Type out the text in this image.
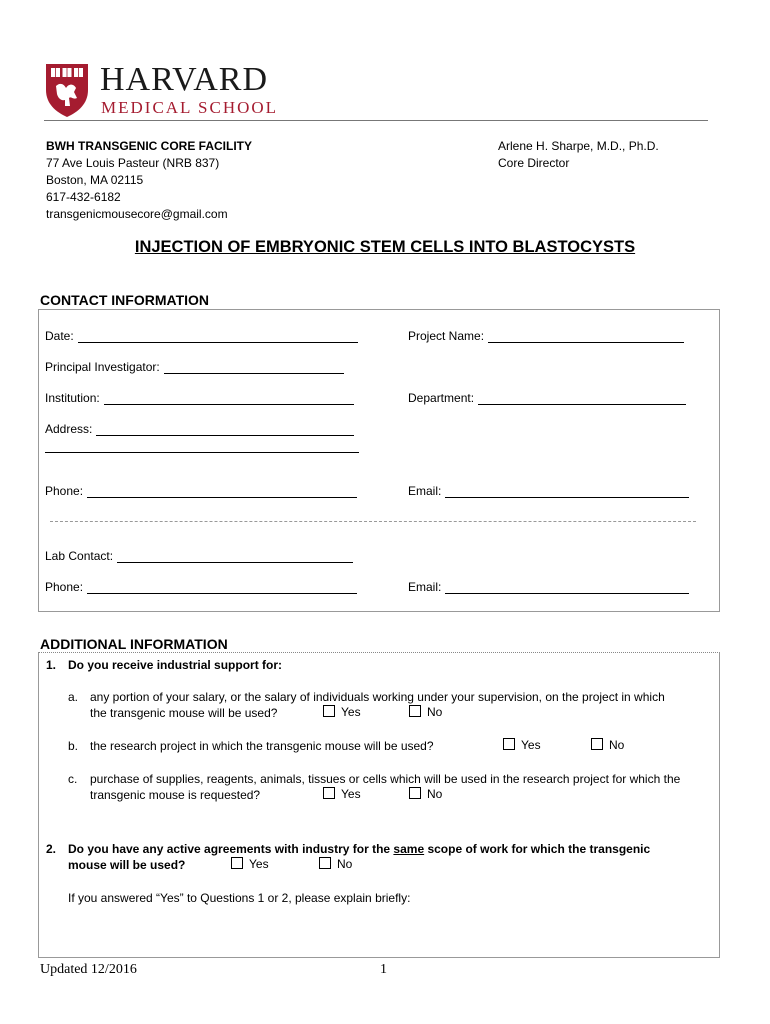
HARVARD
MEDICAL SCHOOL
BWH TRANSGENIC CORE FACILITY
77 Ave Louis Pasteur (NRB 837)
Boston, MA 02115
617-432-6182
transgenicmousecore@gmail.com
Arlene H. Sharpe, M.D., Ph.D.
Core Director
INJECTION OF EMBRYONIC STEM CELLS INTO BLASTOCYSTS
CONTACT INFORMATION
Date:	Project Name:
Principal Investigator:
Institution:	Department:
Address:
Phone:	Email:
Lab Contact:
Phone:	Email:
ADDITIONAL INFORMATION
1. Do you receive industrial support for:
a. any portion of your salary, or the salary of individuals working under your supervision, on the project in which
the transgenic mouse will be used?	Yes	No
b. the research project in which the transgenic mouse will be used?	Yes	No
c. purchase of supplies, reagents, animals, tissues or cells which will be used in the research project for which the
transgenic mouse is requested?	Yes	No
2. Do you have any active agreements with industry for the same scope of work for which the transgenic
mouse will be used?	Yes	No
If you answered “Yes” to Questions 1 or 2, please explain briefly:
Updated 12/2016	1
